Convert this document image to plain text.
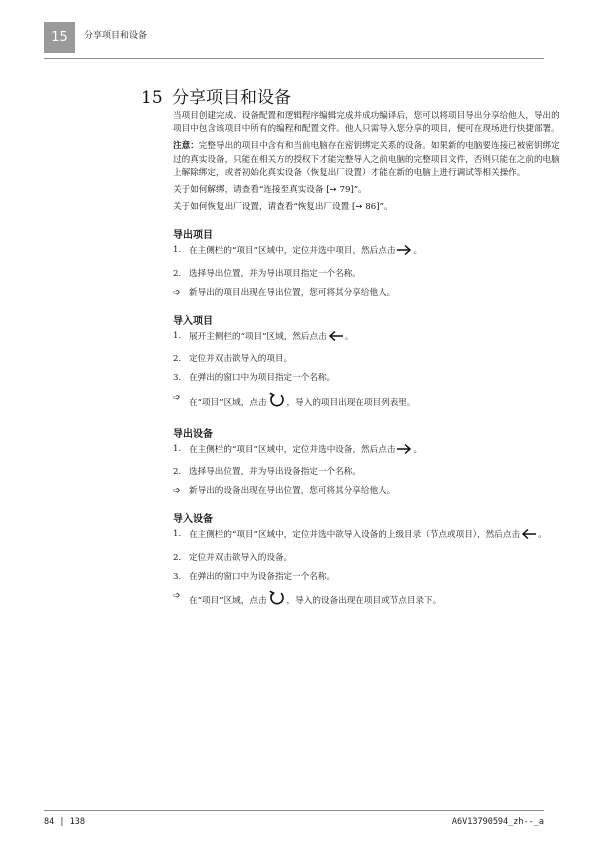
15	分享项目和设备
15 分享项目和设备

当项目创建完成、设备配置和逻辑程序编辑完成并成功编译后，您可以将项目导出分享给他人，导出的项目中包含该项目中所有的编程和配置文件。他人只需导入您分享的项目，便可在现场进行快捷部署。

注意：完整导出的项目中含有和当前电脑存在密钥绑定关系的设备。如果新的电脑要连接已被密钥绑定过的真实设备，只能在相关方的授权下才能完整导入之前电脑的完整项目文件，否则只能在之前的电脑上解除绑定，或者初始化真实设备（恢复出厂设置）才能在新的电脑上进行调试等相关操作。

关于如何解绑，请查看“连接至真实设备 [➙ 79]”。

关于如何恢复出厂设置，请查看“恢复出厂设置 [➙ 86]”。

导出项目
1. 在主侧栏的“项目”区域中，定位并选中项目，然后点击 。
2. 选择导出位置，并为导出项目指定一个名称。
➩ 新导出的项目出现在导出位置，您可将其分享给他人。
导入项目
1. 展开主侧栏的“项目”区域，然后点击 。
2. 定位并双击欲导入的项目。
3. 在弹出的窗口中为项目指定一个名称。
➩ 在“项目”区域，点击 ，导入的项目出现在项目列表里。
导出设备
1. 在主侧栏的“项目”区域中，定位并选中设备，然后点击 。
2. 选择导出位置，并为导出设备指定一个名称。
➩ 新导出的设备出现在导出位置，您可将其分享给他人。
导入设备
1. 在主侧栏的“项目”区域中，定位并选中欲导入设备的上级目录（节点或项目），然后点击 。
2. 定位并双击欲导入的设备。
3. 在弹出的窗口中为设备指定一个名称。
➩ 在“项目”区域，点击 ，导入的设备出现在项目或节点目录下。
84 | 138	A6V13790594_zh--_a
